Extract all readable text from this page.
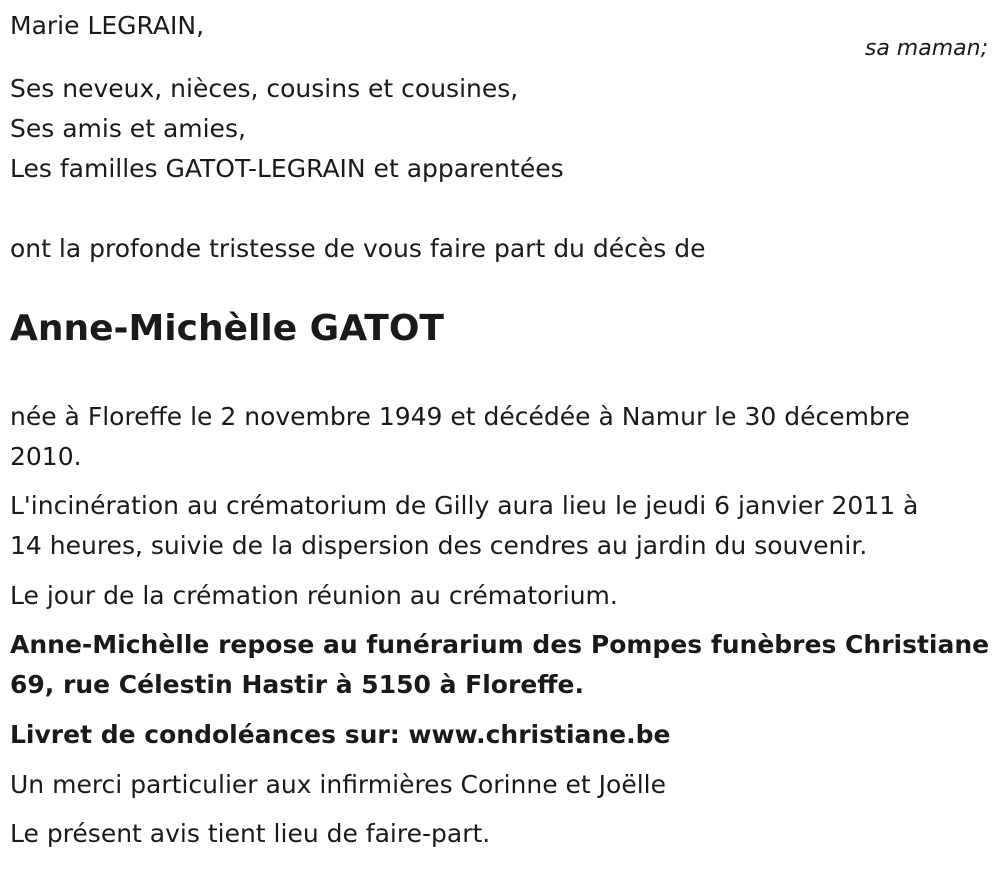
Marie LEGRAIN,

sa maman;

Ses neveux, nièces, cousins et cousines,

Ses amis et amies,

Les familles GATOT-LEGRAIN et apparentées

ont la profonde tristesse de vous faire part du décès de

Anne-Michèlle GATOT

née à Floreffe le 2 novembre 1949 et décédée à Namur le 30 décembre

2010.

L'incinération au crématorium de Gilly aura lieu le jeudi 6 janvier 2011 à

14 heures, suivie de la dispersion des cendres au jardin du souvenir.

Le jour de la crémation réunion au crématorium.

Anne-Michèlle repose au funérarium des Pompes funèbres Christiane

69, rue Célestin Hastir à 5150 à Floreffe.

Livret de condoléances sur: www.christiane.be

Un merci particulier aux infirmières Corinne et Joëlle

Le présent avis tient lieu de faire-part.
